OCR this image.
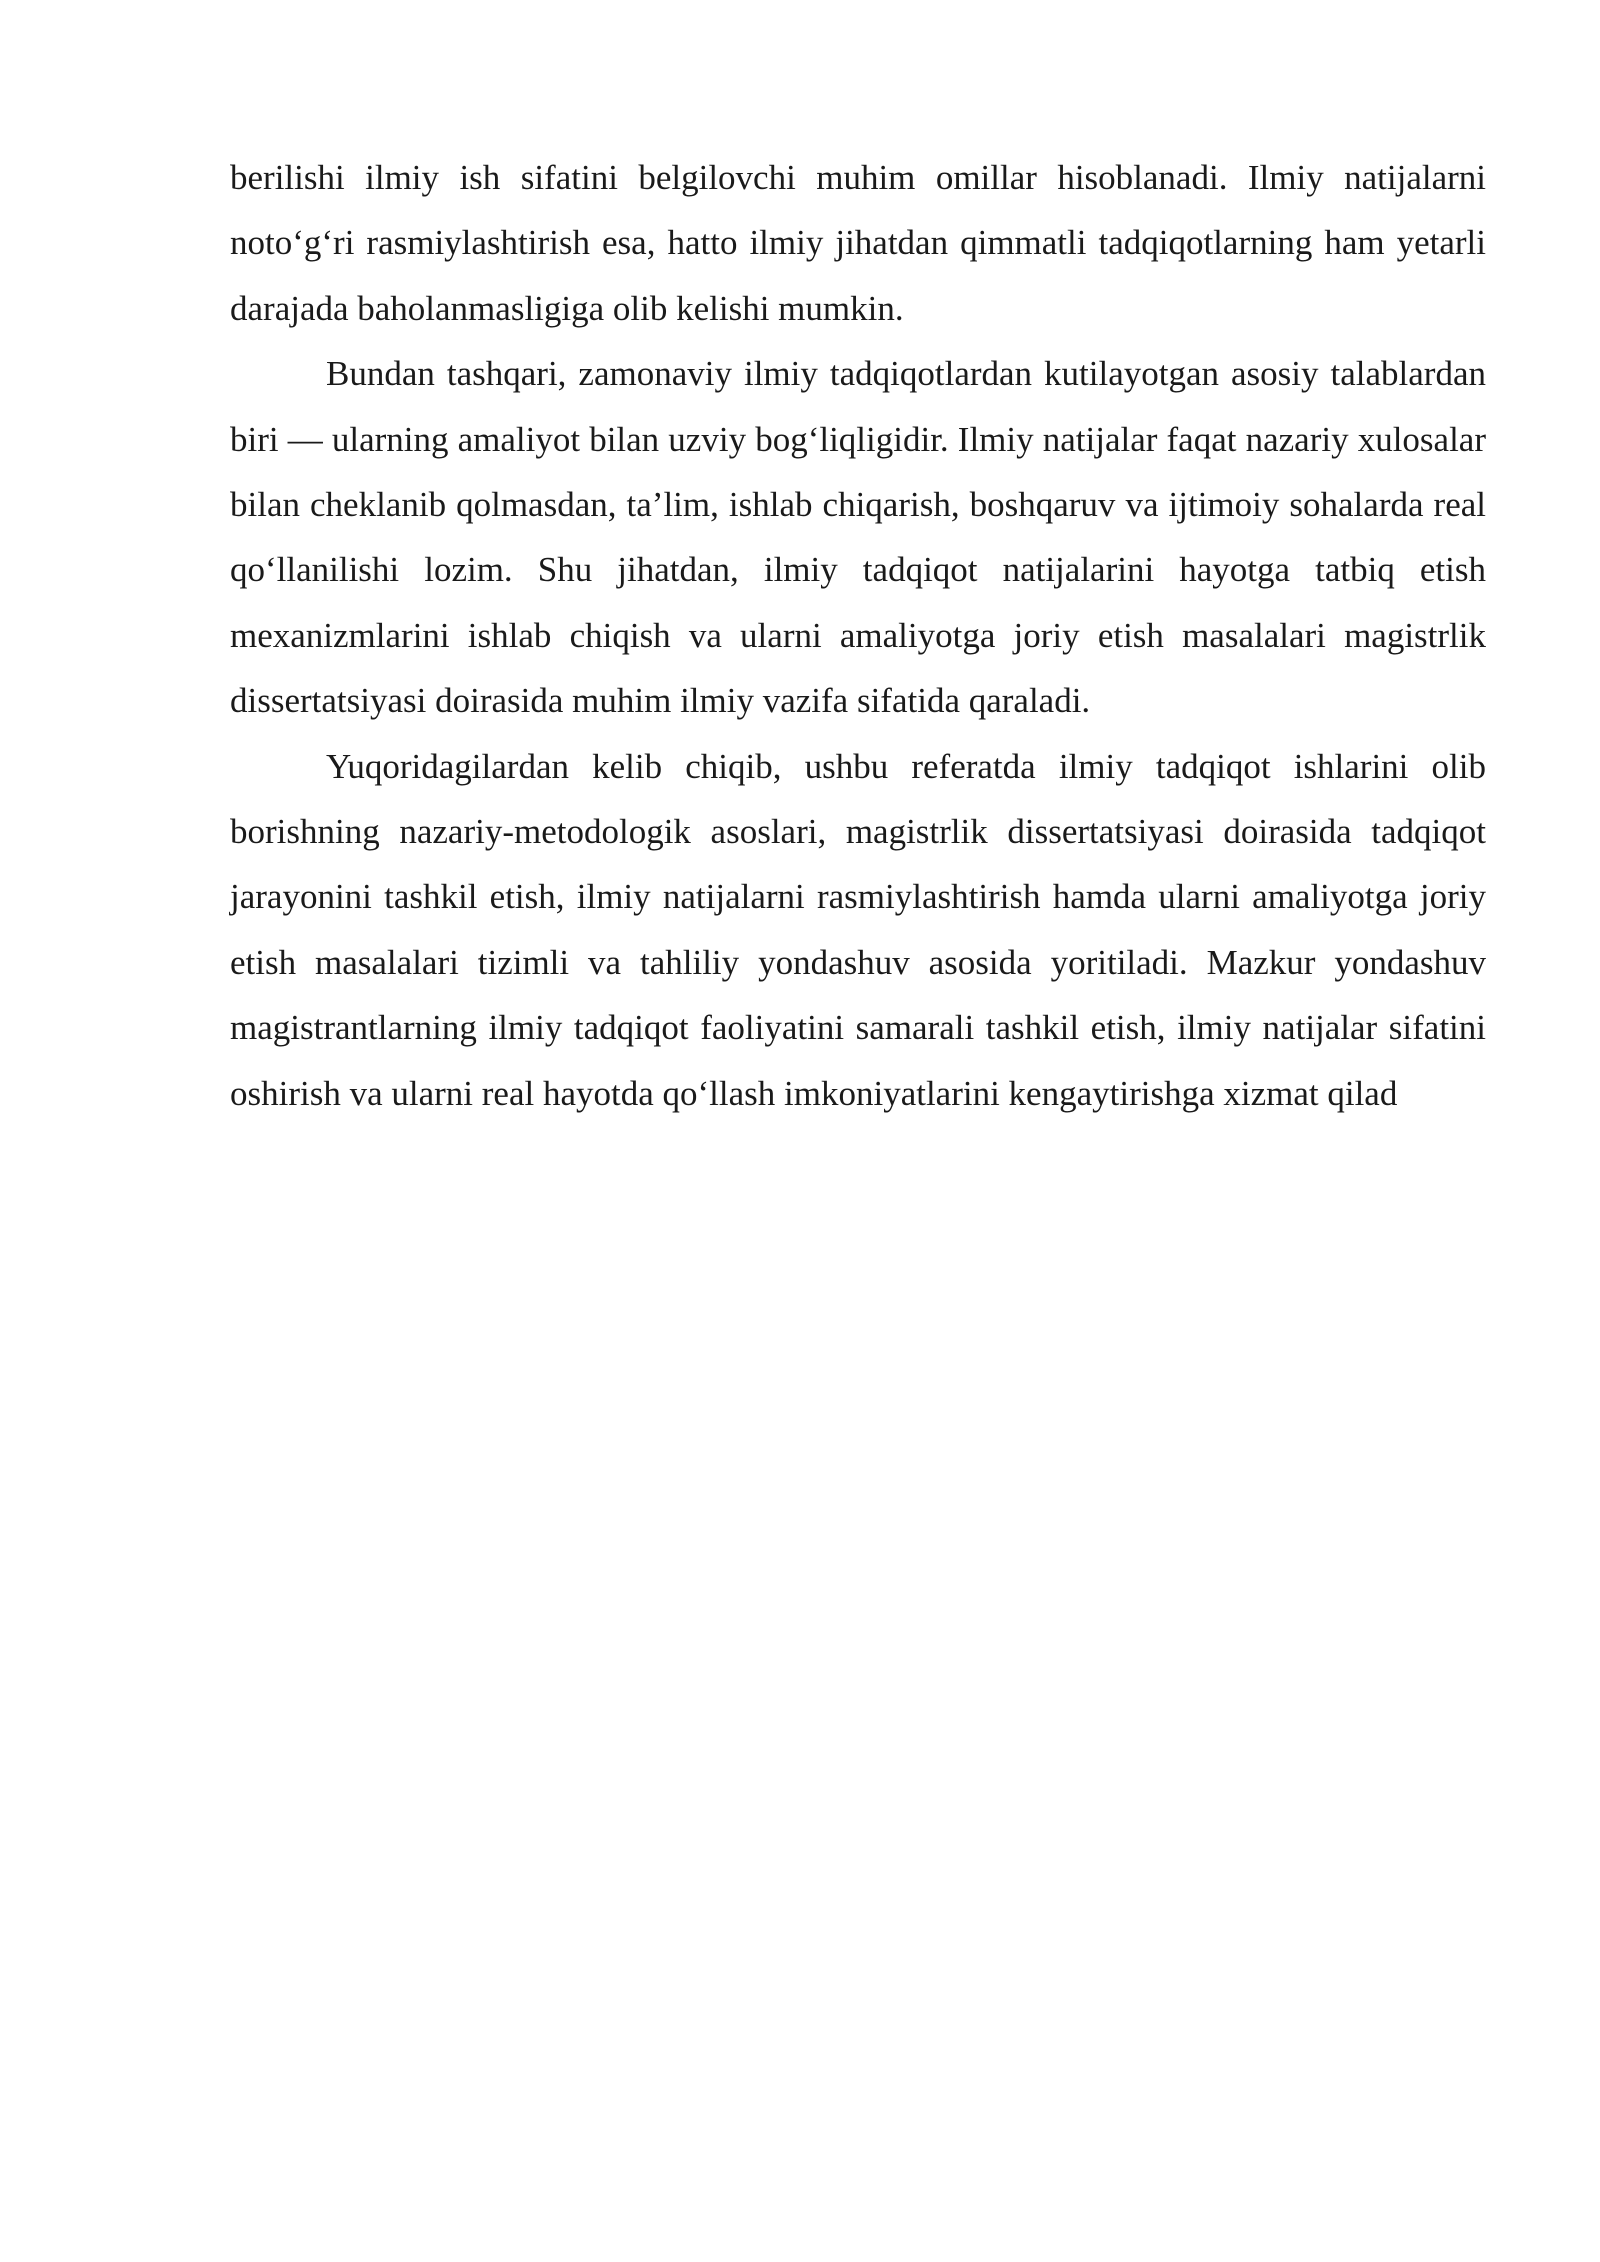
berilishi ilmiy ish sifatini belgilovchi muhim omillar hisoblanadi. Ilmiy natijalarni noto‘g‘ri rasmiylashtirish esa, hatto ilmiy jihatdan qimmatli tadqiqotlarning ham yetarli darajada baholanmasligiga olib kelishi mumkin.

Bundan tashqari, zamonaviy ilmiy tadqiqotlardan kutilayotgan asosiy talablardan biri — ularning amaliyot bilan uzviy bog‘liqligidir. Ilmiy natijalar faqat nazariy xulosalar bilan cheklanib qolmasdan, ta’lim, ishlab chiqarish, boshqaruv va ijtimoiy sohalarda real qo‘llanilishi lozim. Shu jihatdan, ilmiy tadqiqot natijalarini hayotga tatbiq etish mexanizmlarini ishlab chiqish va ularni amaliyotga joriy etish masalalari magistrlik dissertatsiyasi doirasida muhim ilmiy vazifa sifatida qaraladi.

Yuqoridagilardan kelib chiqib, ushbu referatda ilmiy tadqiqot ishlarini olib borishning nazariy-metodologik asoslari, magistrlik dissertatsiyasi doirasida tadqiqot jarayonini tashkil etish, ilmiy natijalarni rasmiylashtirish hamda ularni amaliyotga joriy etish masalalari tizimli va tahliliy yondashuv asosida yoritiladi. Mazkur yondashuv magistrantlarning ilmiy tadqiqot faoliyatini samarali tashkil etish, ilmiy natijalar sifatini oshirish va ularni real hayotda qo‘llash imkoniyatlarini kengaytirishga xizmat qilad
